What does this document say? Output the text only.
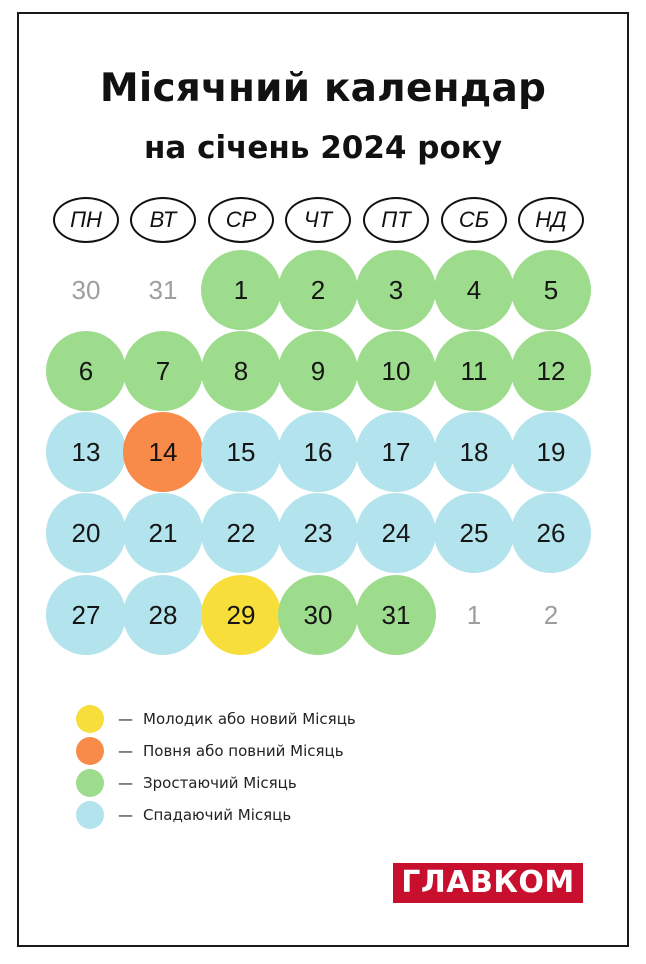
Місячний календар
на січень 2024 року
ПН	ВТ	СР	ЧТ	ПТ	СБ	НД
30	31	1	2	3	4	5
6	7	8	9	10	11	12
13	14	15	16	17	18	19
20	21	22	23	24	25	26
27	28	29	30	31	1	2
— Молодик або новий Місяць
— Повня або повний Місяць
— Зростаючий Місяць
— Спадаючий Місяць
ГЛАВКОМ
